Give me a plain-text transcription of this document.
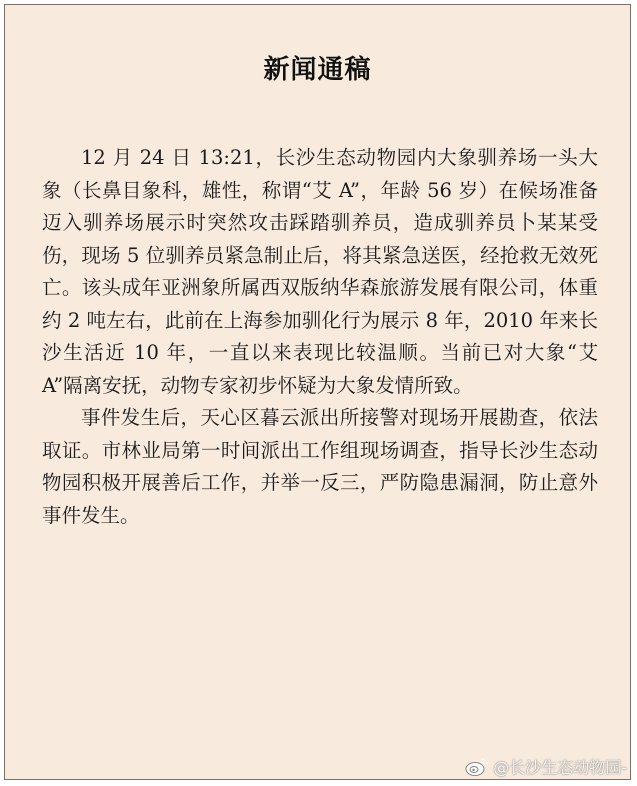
新闻通稿

12 月 24 日 13:21，长沙生态动物园内大象驯养场一头大象（长鼻目象科，雄性，称谓“艾 A”，年龄 56 岁）在候场准备迈入驯养场展示时突然攻击踩踏驯养员，造成驯养员卜某某受伤，现场 5 位驯养员紧急制止后，将其紧急送医，经抢救无效死亡。该头成年亚洲象所属西双版纳华森旅游发展有限公司，体重约 2 吨左右，此前在上海参加驯化行为展示 8 年，2010 年来长沙生活近 10 年，一直以来表现比较温顺。当前已对大象“艾 A”隔离安抚，动物专家初步怀疑为大象发情所致。

事件发生后，天心区暮云派出所接警对现场开展勘查，依法取证。市林业局第一时间派出工作组现场调查，指导长沙生态动物园积极开展善后工作，并举一反三，严防隐患漏洞，防止意外事件发生。

@长沙生态动物园-
